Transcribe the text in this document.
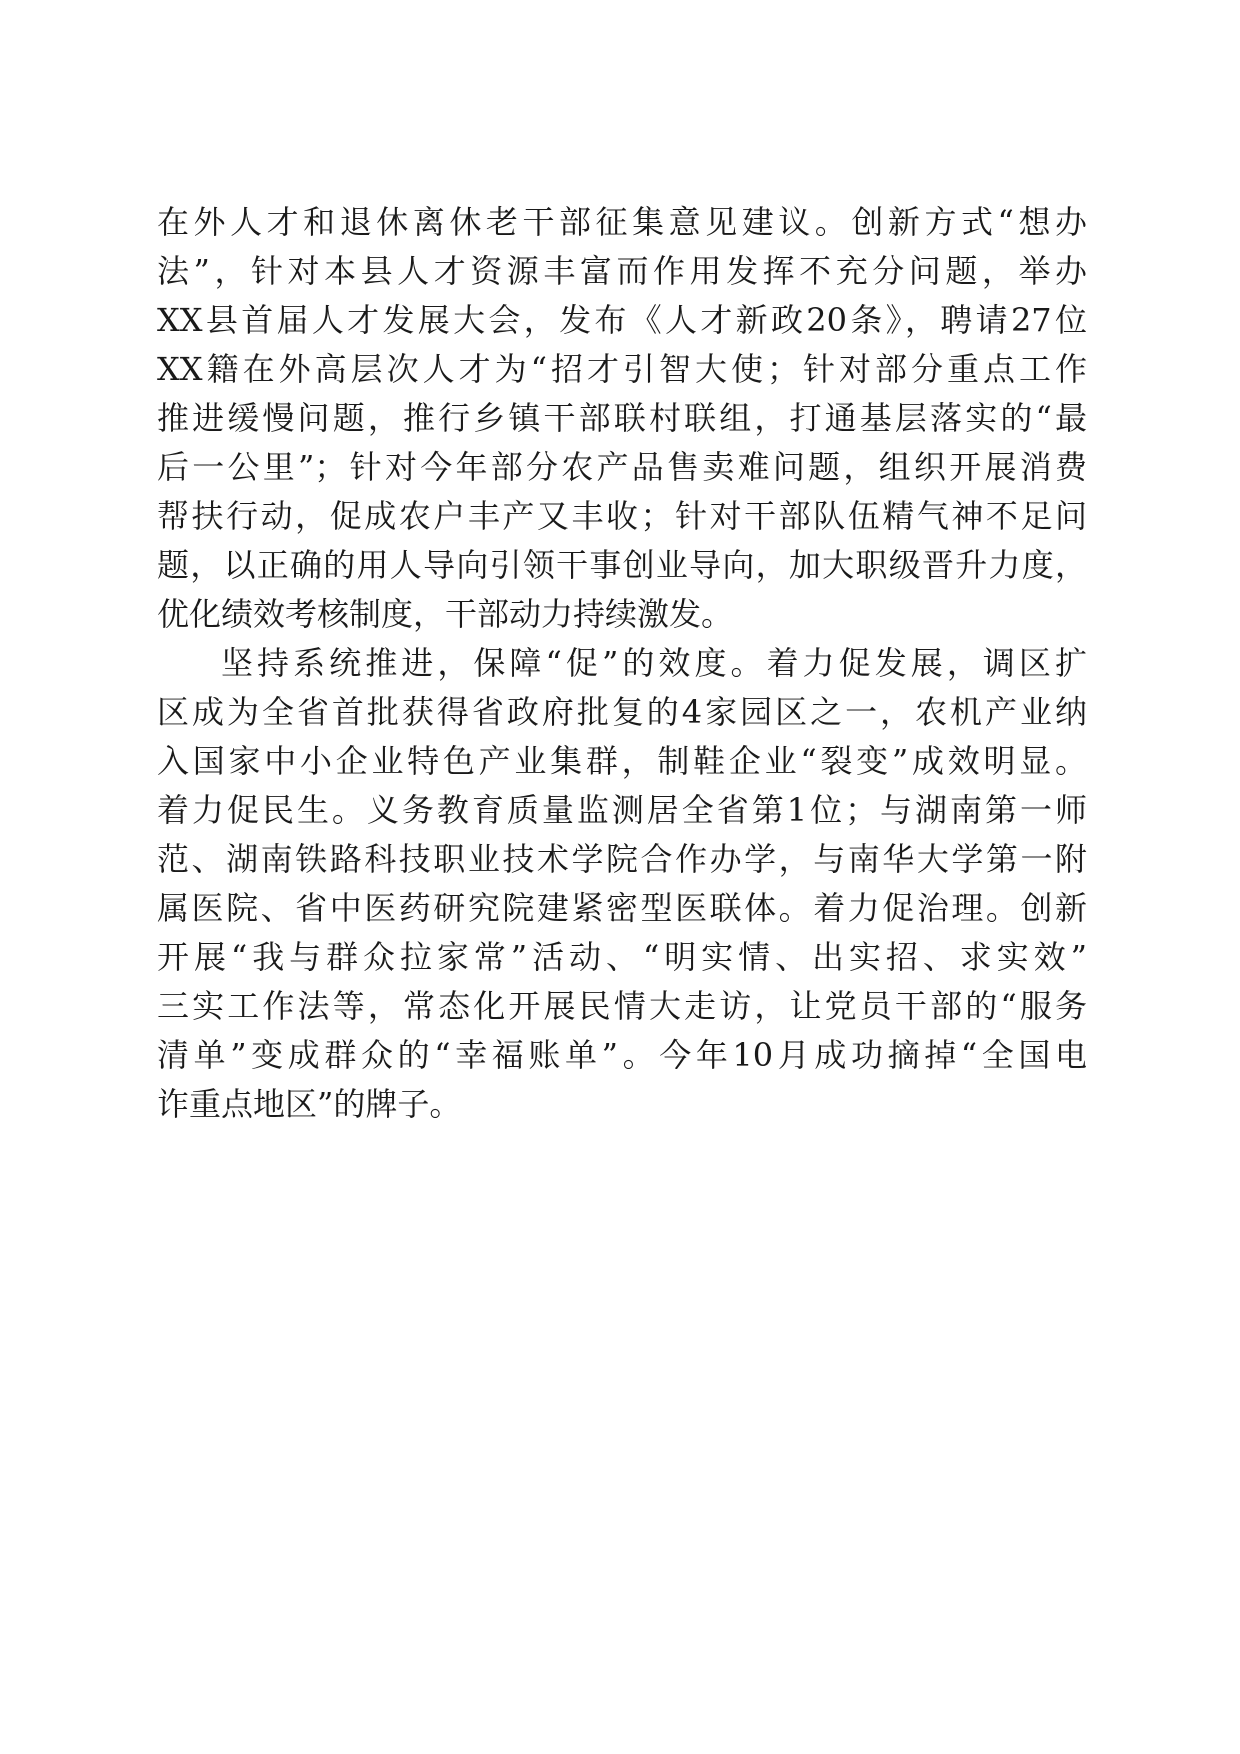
在外人才和退休离休老干部征集意见建议。创新方式“想办
法”，针对本县人才资源丰富而作用发挥不充分问题，举办
XX县首届人才发展大会，发布《人才新政20条》，聘请27位
XX籍在外高层次人才为“招才引智大使；针对部分重点工作
推进缓慢问题，推行乡镇干部联村联组，打通基层落实的“最
后一公里”；针对今年部分农产品售卖难问题，组织开展消费
帮扶行动，促成农户丰产又丰收；针对干部队伍精气神不足问
题，以正确的用人导向引领干事创业导向，加大职级晋升力度，
优化绩效考核制度，干部动力持续激发。
坚持系统推进，保障“促”的效度。着力促发展，调区扩
区成为全省首批获得省政府批复的4家园区之一，农机产业纳
入国家中小企业特色产业集群，制鞋企业“裂变”成效明显。
着力促民生。义务教育质量监测居全省第1位；与湖南第一师
范、湖南铁路科技职业技术学院合作办学，与南华大学第一附
属医院、省中医药研究院建紧密型医联体。着力促治理。创新
开展“我与群众拉家常”活动、“明实情、出实招、求实效”
三实工作法等，常态化开展民情大走访，让党员干部的“服务
清单”变成群众的“幸福账单”。今年10月成功摘掉“全国电
诈重点地区”的牌子。
